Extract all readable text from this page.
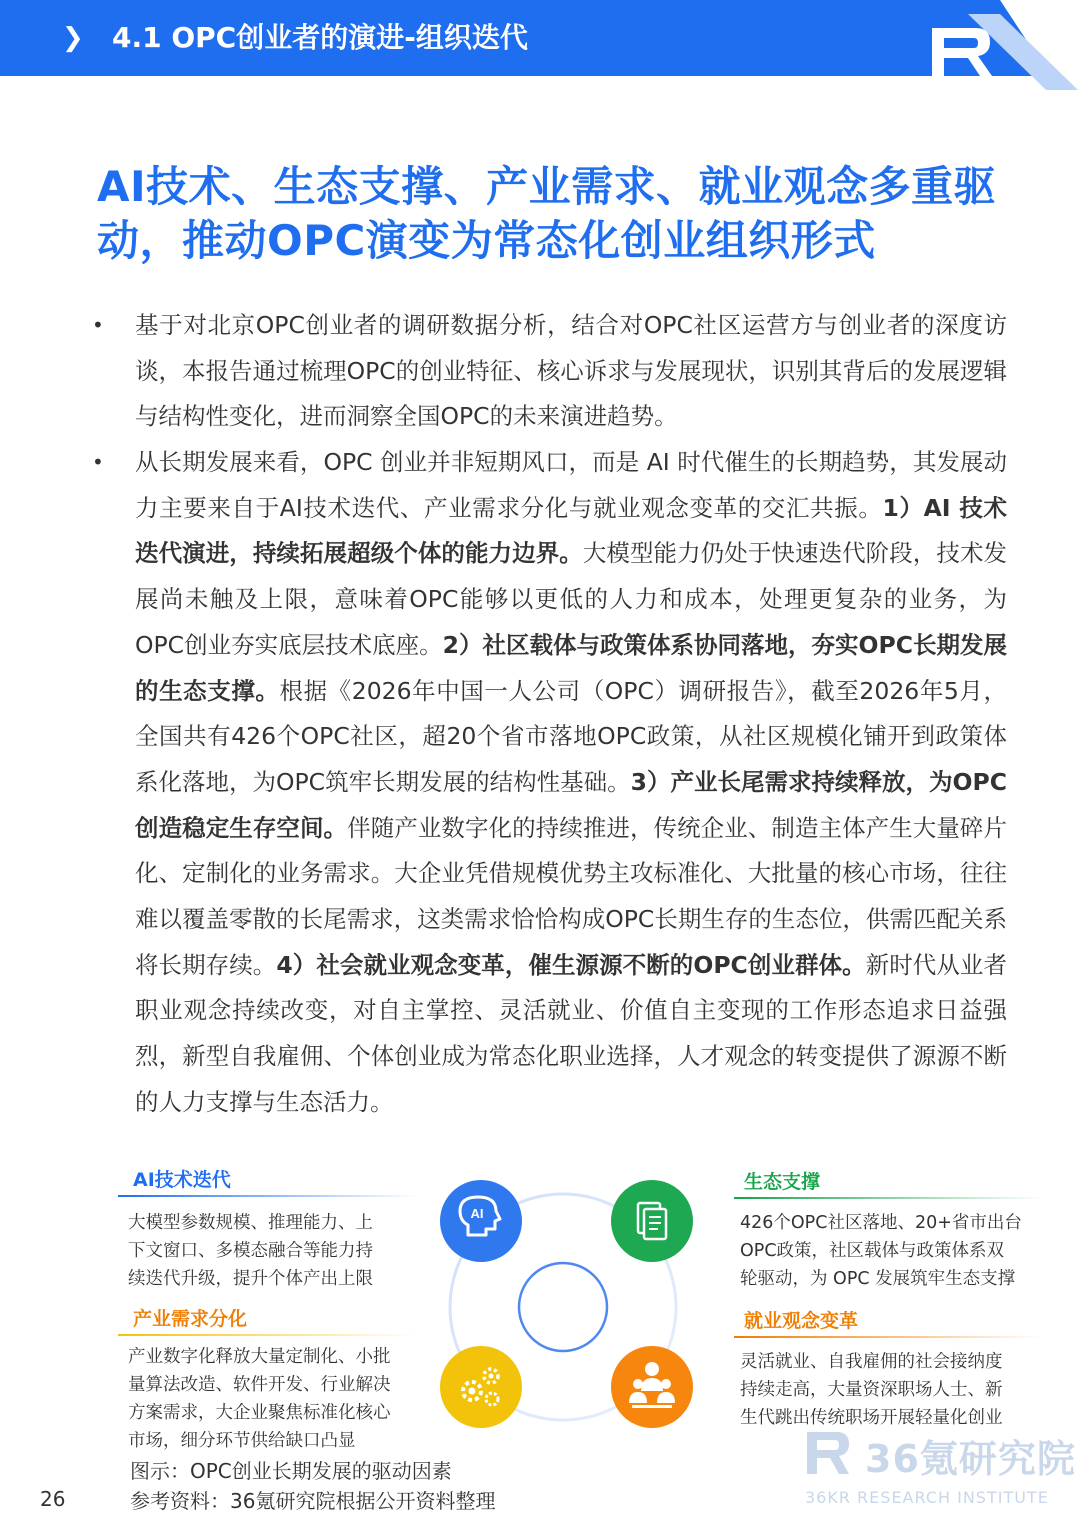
❯ 4.1 OPC创业者的演进-组织迭代
AI技术、生态支撑、产业需求、就业观念多重驱
动，推动OPC演变为常态化创业组织形式
•	基于对北京OPC创业者的调研数据分析，结合对OPC社区运营方与创业者的深度访谈，本报告通过梳理OPC的创业特征、核心诉求与发展现状，识别其背后的发展逻辑与结构性变化，进而洞察全国OPC的未来演进趋势。
•	从长期发展来看，OPC 创业并非短期风口，而是 AI 时代催生的长期趋势，其发展动力主要来自于AI技术迭代、产业需求分化与就业观念变革的交汇共振。1）AI 技术迭代演进，持续拓展超级个体的能力边界。大模型能力仍处于快速迭代阶段，技术发展尚未触及上限，意味着OPC能够以更低的人力和成本，处理更复杂的业务，为OPC创业夯实底层技术底座。2）社区载体与政策体系协同落地，夯实OPC长期发展的生态支撑。根据《2026年中国一人公司（OPC）调研报告》，截至2026年5月，全国共有426个OPC社区，超20个省市落地OPC政策，从社区规模化铺开到政策体系化落地，为OPC筑牢长期发展的结构性基础。3）产业长尾需求持续释放，为OPC创造稳定生存空间。伴随产业数字化的持续推进，传统企业、制造主体产生大量碎片化、定制化的业务需求。大企业凭借规模优势主攻标准化、大批量的核心市场，往往难以覆盖零散的长尾需求，这类需求恰恰构成OPC长期生存的生态位，供需匹配关系将长期存续。4）社会就业观念变革，催生源源不断的OPC创业群体。新时代从业者职业观念持续改变，对自主掌控、灵活就业、价值自主变现的工作形态追求日益强烈，新型自我雇佣、个体创业成为常态化职业选择，人才观念的转变提供了源源不断的人力支撑与生态活力。
AI技术迭代
大模型参数规模、推理能力、上
下文窗口、多模态融合等能力持
续迭代升级，提升个体产出上限
产业需求分化
产业数字化释放大量定制化、小批
量算法改造、软件开发、行业解决
方案需求，大企业聚焦标准化核心
市场，细分环节供给缺口凸显
生态支撑
426个OPC社区落地、20+省市出台
OPC政策，社区载体与政策体系双
轮驱动，为 OPC 发展筑牢生态支撑
就业观念变革
灵活就业、自我雇佣的社会接纳度
持续走高，大量资深职场人士、新
生代跳出传统职场开展轻量化创业
AI
图示：OPC创业长期发展的驱动因素
参考资料：36氪研究院根据公开资料整理
26
36氪研究院
36KR RESEARCH INSTITUTE
